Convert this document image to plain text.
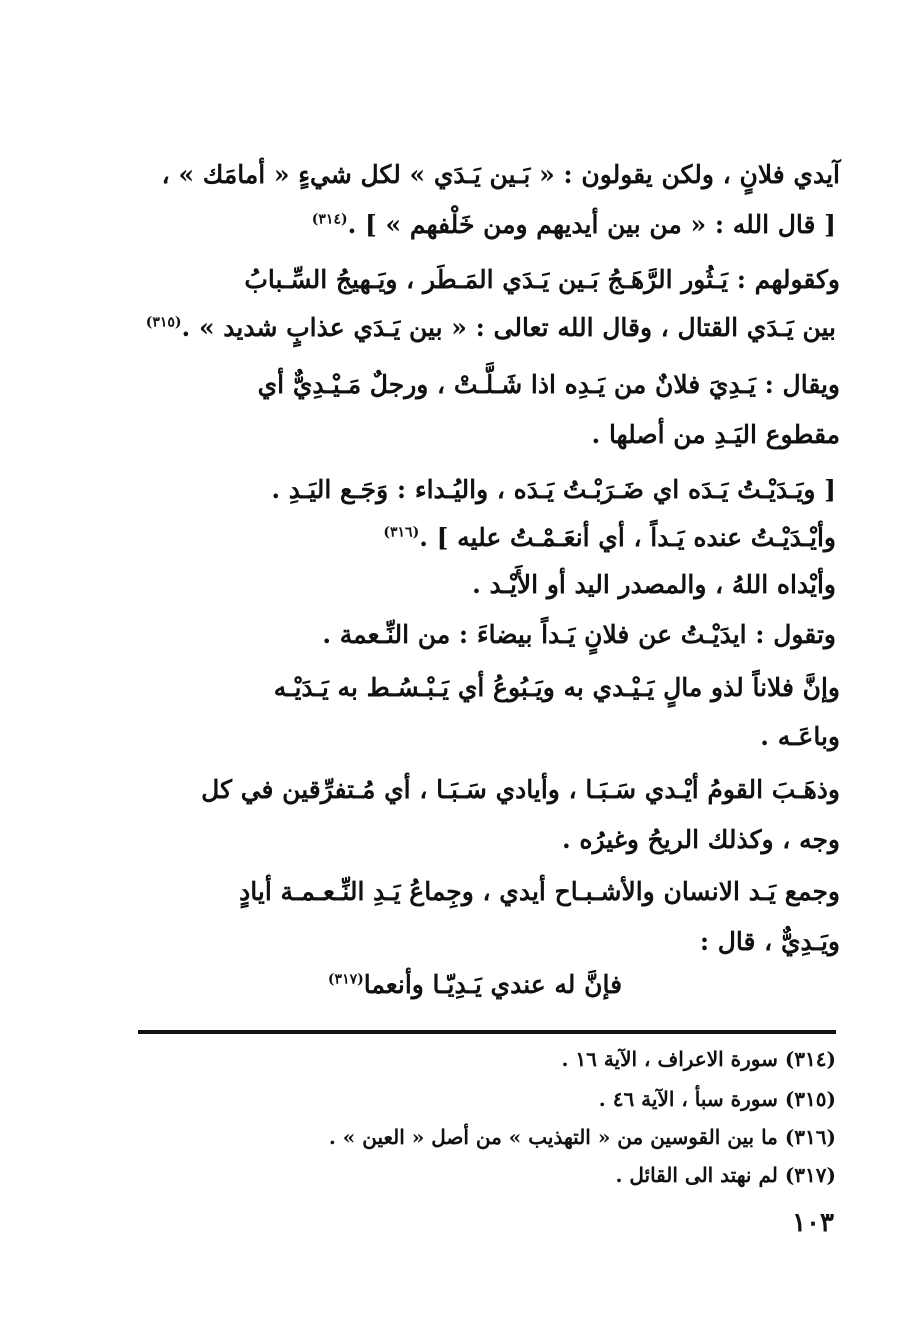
آيدي فلانٍ ، ولكن يقولون : « بَـين يَـدَي » لكل شيءٍ « أمامَك » ،
[ قال الله : « من بين أيديهم ومن خَلْفهم » ] .$^{(٣١٤)}$
وكقولهم : يَـثُور الرَّهَـجُ بَـين يَـدَي المَـطَر ، ويَـهيجُ السِّـبابُ
بين يَـدَي القتال ، وقال الله تعالى : « بين يَـدَي عذابٍ شديد » .$^{(٣١٥)}$
ويقال : يَـدِيَ فلانٌ من يَـدِه اذا شَـلَّـتْ ، ورجلٌ مَـيْـدِيٌّ أي
مقطوع اليَـدِ من أصلها .
[ ويَـدَيْـتُ يَـدَه اي ضَـرَبْـتُ يَـدَه ، واليُـداء : وَجَـع اليَـدِ .
وأيْـدَيْـتُ عنده يَـداً ، أي أنعَـمْـتُ عليه ] .$^{(٣١٦)}$
وأيْداه اللهُ ، والمصدر اليد أو الأَيْـد .
وتقول : ايدَيْـتُ عن فلانٍ يَـداً بيضاءَ : من النِّـعمة .
وإنَّ فلاناً لذو مالٍ يَـيْـدي به ويَـبُوعُ أي يَـبْـسُـط به يَـدَيْـه
وباعَـه .
وذهَـبَ القومُ أيْـدي سَـبَـا ، وأيادي سَـبَـا ، أي مُـتفرِّقين في كل
وجه ، وكذلك الريحُ وغيرُه .
وجمع يَـد الانسان والأشـبـاح أيدي ، وجِماعُ يَـدِ النِّـعـمـة أيادٍ
ويَـدِيٌّ ، قال :
فإنَّ له عندي يَـدِيّـا وأنعما$^{(٣١٧)}$
(٣١٤) سورة الاعراف ، الآية ١٦ .
(٣١٥) سورة سبأ ، الآية ٤٦ .
(٣١٦) ما بين القوسين من « التهذيب » من أصل « العين » .
(٣١٧) لم نهتد الى القائل .
١٠٣
